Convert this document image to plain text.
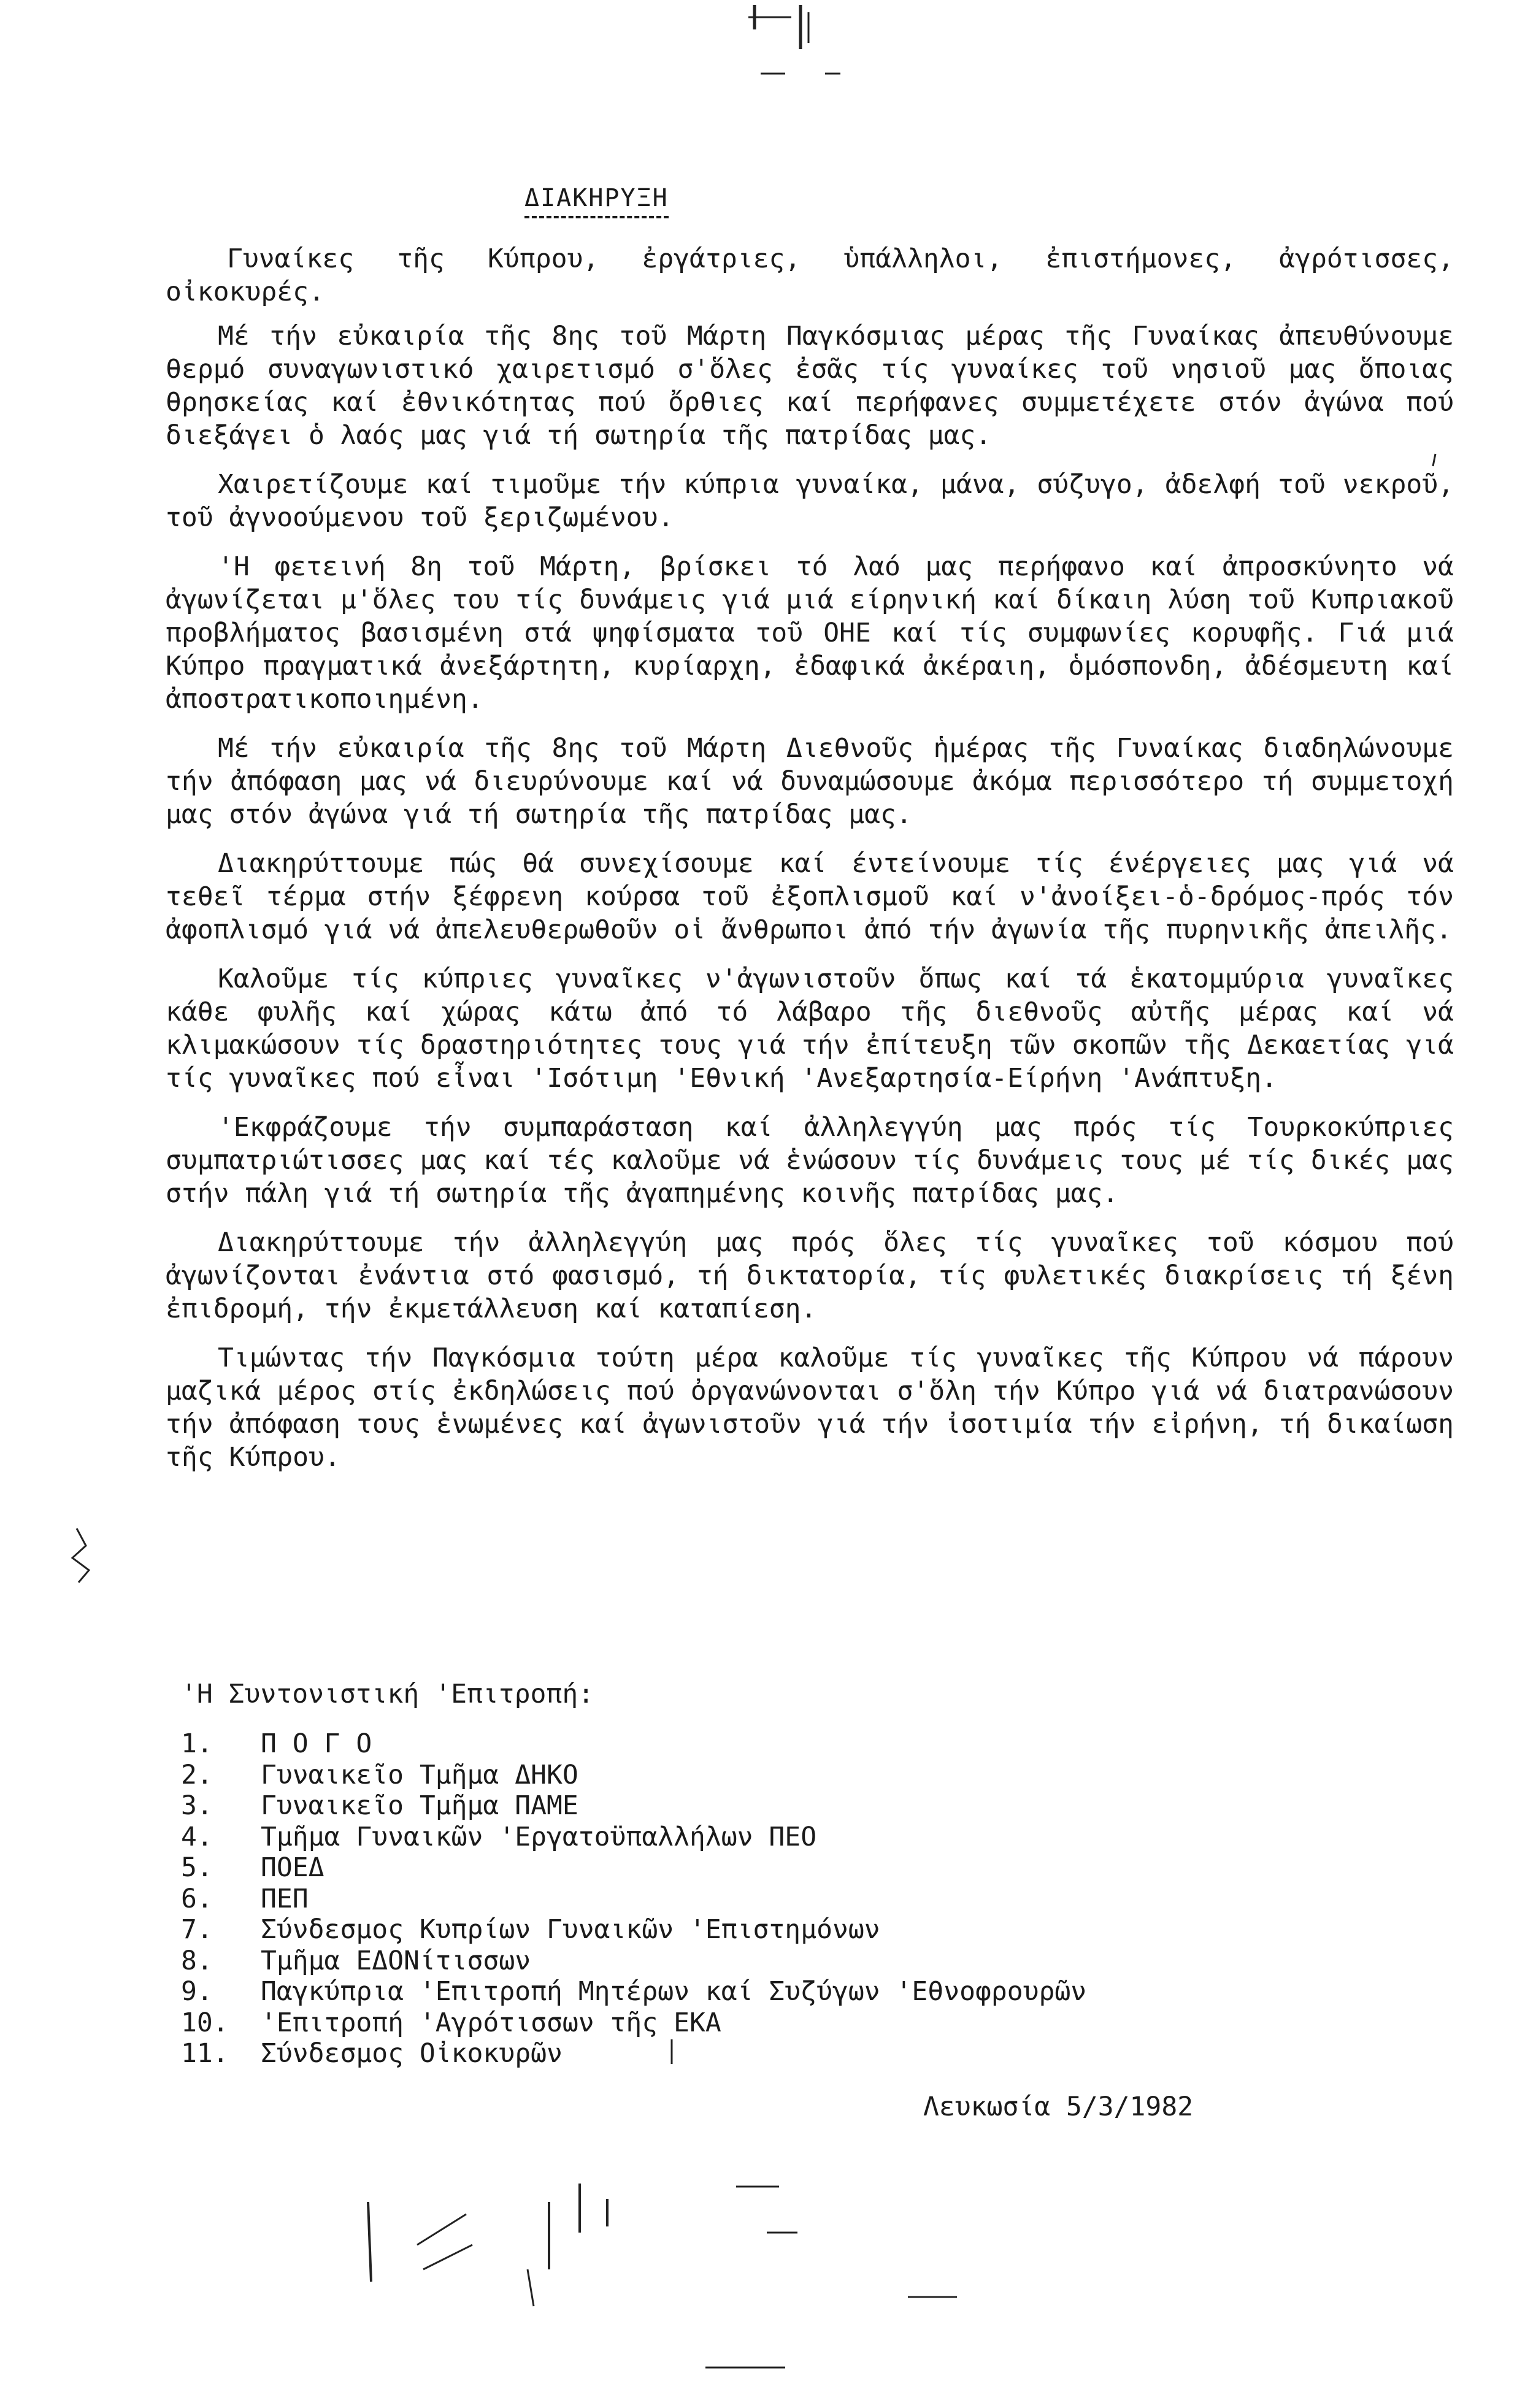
ΔΙΑΚΗΡΥΞΗ

Γυναίκες τῆς Κύπρου, ἐργάτριες, ὑπάλληλοι, ἐπιστήμονες, ἀγρότισσες, οἰκοκυρές.

Μέ τήν εὐκαιρία τῆς 8ης τοῦ Μάρτη Παγκόσμιας μέρας τῆς Γυναίκας ἀπευθύνουμε θερμό συναγωνιστικό χαιρετισμό σ'ὅλες ἐσᾶς τίς γυναίκες τοῦ νησιοῦ μας ὅποιας θρησκείας καί ἐθνικότητας πού ὄρθιες καί περήφανες συμμετέχετε στόν ἀγώνα πού διεξάγει ὁ λαός μας γιά τή σωτηρία τῆς πατρίδας μας.

Χαιρετίζουμε καί τιμοῦμε τήν κύπρια γυναίκα, μάνα, σύζυγο, ἀδελφή τοῦ νεκροῦ, τοῦ ἀγνοούμενου τοῦ ξεριζωμένου.

'Η φετεινή 8η τοῦ Μάρτη, βρίσκει τό λαό μας περήφανο καί ἀπροσκύνητο νά ἀγωνίζεται μ'ὅλες του τίς δυνάμεις γιά μιά είρηνική καί δίκαιη λύση τοῦ Κυπριακοῦ προβλήματος βασισμένη στά ψηφίσματα τοῦ ΟΗΕ καί τίς συμφωνίες κορυφῆς. Γιά μιά Κύπρο πραγματικά ἀνεξάρτητη, κυρίαρχη, ἐδαφικά ἀκέραιη, ὁμόσπονδη, ἀδέσμευτη καί ἀποστρατικοποιημένη.

Μέ τήν εὐκαιρία τῆς 8ης τοῦ Μάρτη Διεθνοῦς ἡμέρας τῆς Γυναίκας διαδηλώνουμε τήν ἀπόφαση μας νά διευρύνουμε καί νά δυναμώσουμε ἀκόμα περισσότερο τή συμμετοχή μας στόν ἀγώνα γιά τή σωτηρία τῆς πατρίδας μας.

Διακηρύττουμε πώς θά συνεχίσουμε καί έντείνουμε τίς ένέργειες μας γιά νά τεθεῖ τέρμα στήν ξέφρενη κούρσα τοῦ ἐξοπλισμοῦ καί ν'ἀνοίξει-ὁ-δρόμος-πρός τόν ἀφοπλισμό γιά νά ἀπελευθερωθοῦν οἱ ἄνθρωποι ἀπό τήν ἀγωνία τῆς πυρηνικῆς ἀπειλῆς.

Καλοῦμε τίς κύπριες γυναῖκες ν'ἀγωνιστοῦν ὅπως καί τά ἑκατομμύρια γυναῖκες κάθε φυλῆς καί χώρας κάτω ἀπό τό λάβαρο τῆς διεθνοῦς αὐτῆς μέρας καί νά κλιμακώσουν τίς δραστηριότητες τους γιά τήν ἐπίτευξη τῶν σκοπῶν τῆς Δεκαετίας γιά τίς γυναῖκες πού εἶναι 'Ισότιμη 'Εθνική 'Ανεξαρτησία-Είρήνη 'Ανάπτυξη.

'Εκφράζουμε τήν συμπαράσταση καί ἀλληλεγγύη μας πρός τίς Τουρκοκύπριες συμπατριώτισσες μας καί τές καλοῦμε νά ἑνώσουν τίς δυνάμεις τους μέ τίς δικές μας στήν πάλη γιά τή σωτηρία τῆς ἀγαπημένης κοινῆς πατρίδας μας.

Διακηρύττουμε τήν ἀλληλεγγύη μας πρός ὅλες τίς γυναῖκες τοῦ κόσμου πού ἀγωνίζονται ἐνάντια στό φασισμό, τή δικτατορία, τίς φυλετικές διακρίσεις τή ξένη ἐπιδρομή, τήν ἐκμετάλλευση καί καταπίεση.

Τιμώντας τήν Παγκόσμια τούτη μέρα καλοῦμε τίς γυναῖκες τῆς Κύπρου νά πάρουν μαζικά μέρος στίς ἐκδηλώσεις πού ὀργανώνονται σ'ὅλη τήν Κύπρο γιά νά διατρανώσουν τήν ἀπόφαση τους ἑνωμένες καί ἀγωνιστοῦν γιά τήν ἰσοτιμία τήν εἰρήνη, τή δικαίωση τῆς Κύπρου.

'Η Συντονιστική 'Επιτροπή:
1.	Π Ο Γ Ο
2.	Γυναικεῖο Τμῆμα ΔΗΚΟ
3.	Γυναικεῖο Τμῆμα ΠΑΜΕ
4.	Τμῆμα Γυναικῶν 'Εργατοϋπαλλήλων ΠΕΟ
5.	ΠΟΕΔ
6.	ΠΕΠ
7.	Σύνδεσμος Κυπρίων Γυναικῶν 'Επιστημόνων
8.	Τμῆμα ΕΔΟΝίτισσων
9.	Παγκύπρια 'Επιτροπή Μητέρων καί Συζύγων 'Εθνοφρουρῶν
10.	'Επιτροπή 'Αγρότισσων τῆς ΕΚΑ
11.	Σύνδεσμος Οἰκοκυρῶν
Λευκωσία 5/3/1982
